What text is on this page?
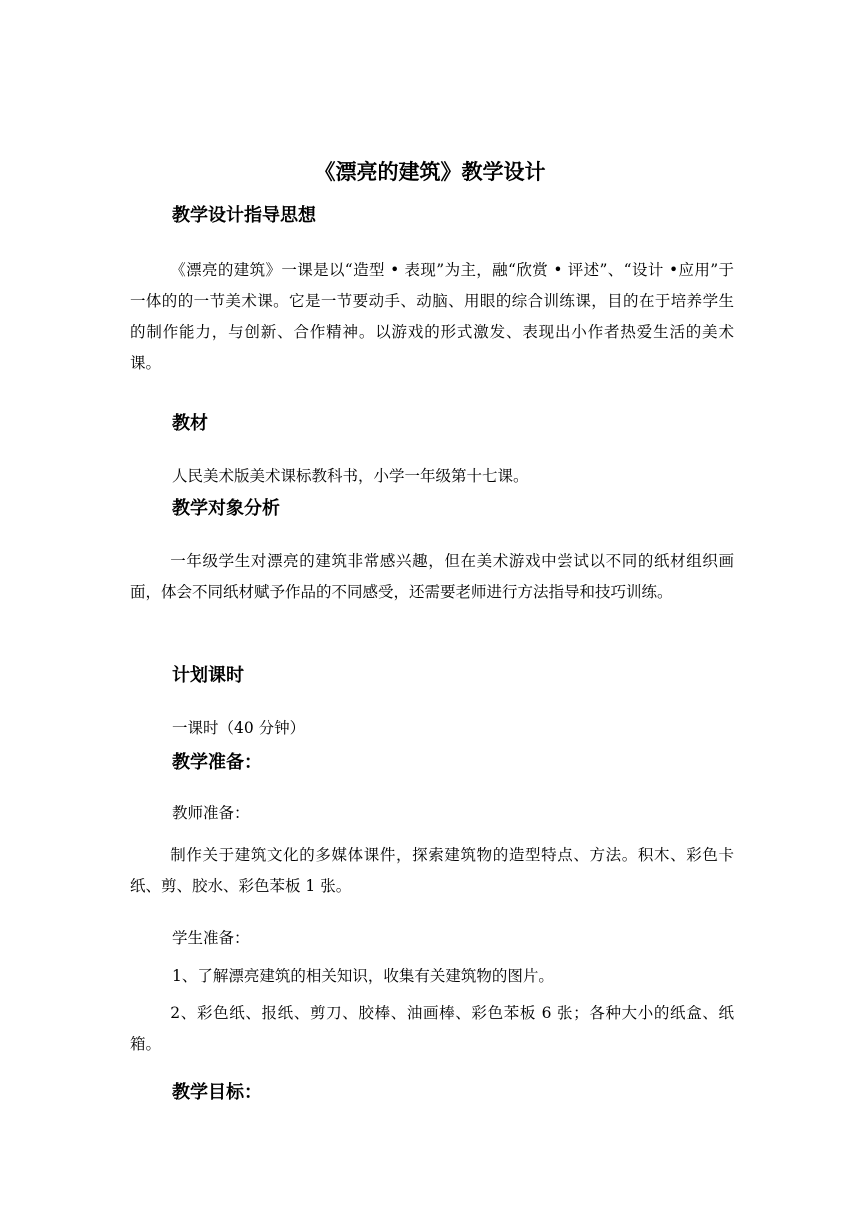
《漂亮的建筑》教学设计
教学设计指导思想
《漂亮的建筑》一课是以“造型 • 表现”为主，融“欣赏 • 评述”、“设计 •应用”于一体的的一节美术课。它是一节要动手、动脑、用眼的综合训练课，目的在于培养学生的制作能力，与创新、合作精神。以游戏的形式激发、表现出小作者热爱生活的美术课。
教材
人民美术版美术课标教科书，小学一年级第十七课。
教学对象分析
一年级学生对漂亮的建筑非常感兴趣，但在美术游戏中尝试以不同的纸材组织画面，体会不同纸材赋予作品的不同感受，还需要老师进行方法指导和技巧训练。
计划课时
一课时（40 分钟）
教学准备：
教师准备：
制作关于建筑文化的多媒体课件，探索建筑物的造型特点、方法。积木、彩色卡纸、剪、胶水、彩色苯板 1 张。
学生准备：
1、了解漂亮建筑的相关知识，收集有关建筑物的图片。
2、彩色纸、报纸、剪刀、胶棒、油画棒、彩色苯板 6 张；各种大小的纸盒、纸箱。
教学目标：
